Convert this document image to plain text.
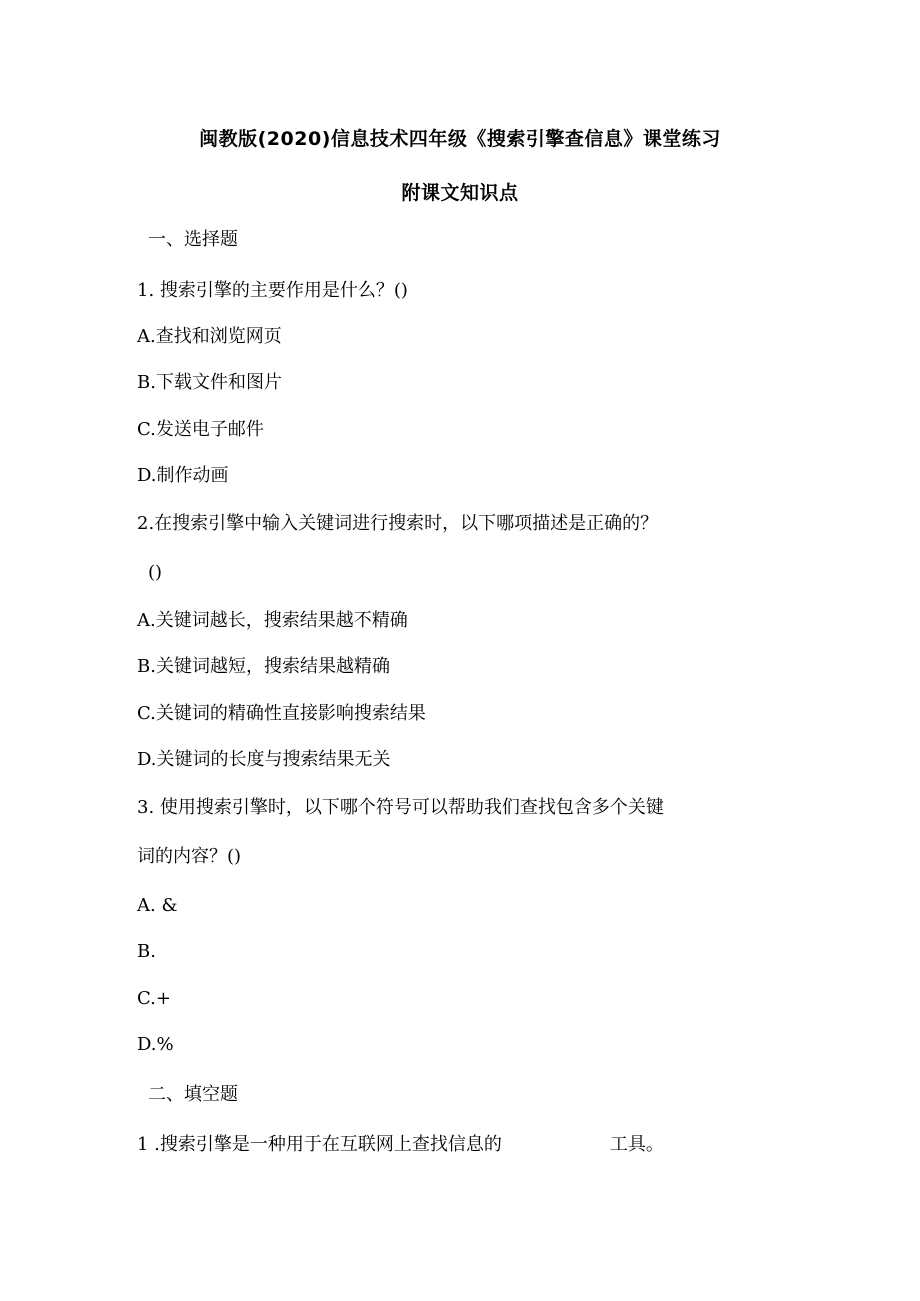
闽教版(2020)信息技术四年级《搜索引擎查信息》课堂练习
附课文知识点
一、选择题
1. 搜索引擎的主要作用是什么？()
A.查找和浏览网页
B.下载文件和图片
C.发送电子邮件
D.制作动画
2.在搜索引擎中输入关键词进行搜索时，以下哪项描述是正确的？
()
A.关键词越长，搜索结果越不精确
B.关键词越短，搜索结果越精确
C.关键词的精确性直接影响搜索结果
D.关键词的长度与搜索结果无关
3. 使用搜索引擎时，以下哪个符号可以帮助我们查找包含多个关键
词的内容？()
A. &
B.
C.+
D.%
二、填空题
1 .搜索引擎是一种用于在互联网上查找信息的	工具。
